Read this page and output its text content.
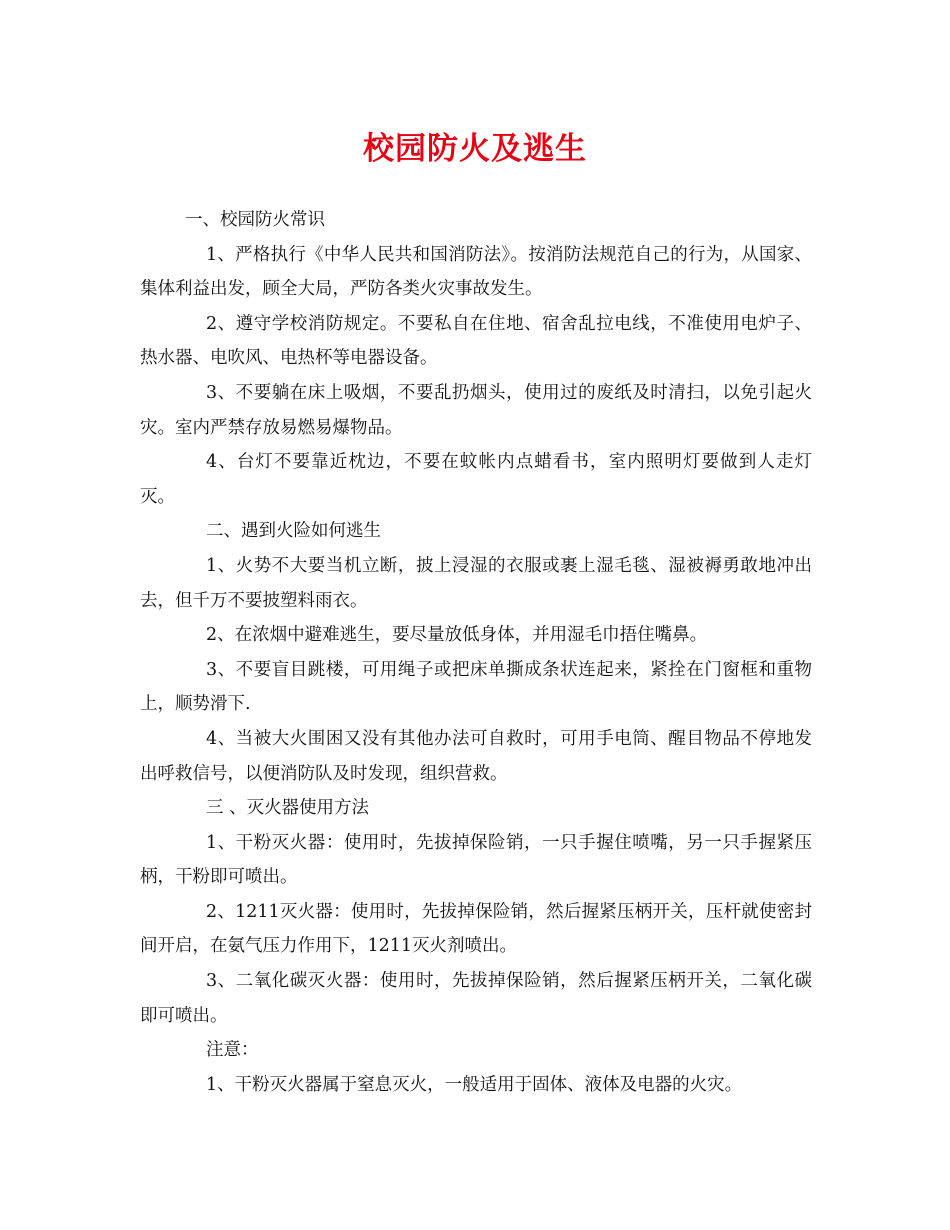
校园防火及逃生

一、校园防火常识

1、严格执行《中华人民共和国消防法》。按消防法规范自己的行为，从国家、集体利益出发，顾全大局，严防各类火灾事故发生。

2、遵守学校消防规定。不要私自在住地、宿舍乱拉电线，不准使用电炉子、热水器、电吹风、电热杯等电器设备。

3、不要躺在床上吸烟，不要乱扔烟头，使用过的废纸及时清扫，以免引起火灾。室内严禁存放易燃易爆物品。

4、台灯不要靠近枕边，不要在蚊帐内点蜡看书，室内照明灯要做到人走灯灭。

二、遇到火险如何逃生

1、火势不大要当机立断，披上浸湿的衣服或裹上湿毛毯、湿被褥勇敢地冲出去，但千万不要披塑料雨衣。

2、在浓烟中避难逃生，要尽量放低身体，并用湿毛巾捂住嘴鼻。

3、不要盲目跳楼，可用绳子或把床单撕成条状连起来，紧拴在门窗框和重物上，顺势滑下.

4、当被大火围困又没有其他办法可自救时，可用手电筒、醒目物品不停地发出呼救信号，以便消防队及时发现，组织营救。

三 、灭火器使用方法

1、干粉灭火器：使用时，先拔掉保险销，一只手握住喷嘴，另一只手握紧压柄，干粉即可喷出。

2、1211灭火器：使用时，先拔掉保险销，然后握紧压柄开关，压杆就使密封间开启，在氨气压力作用下，1211灭火剂喷出。

3、二氧化碳灭火器：使用时，先拔掉保险销，然后握紧压柄开关，二氧化碳即可喷出。

注意：

1、干粉灭火器属于窒息灭火，一般适用于固体、液体及电器的火灾。
